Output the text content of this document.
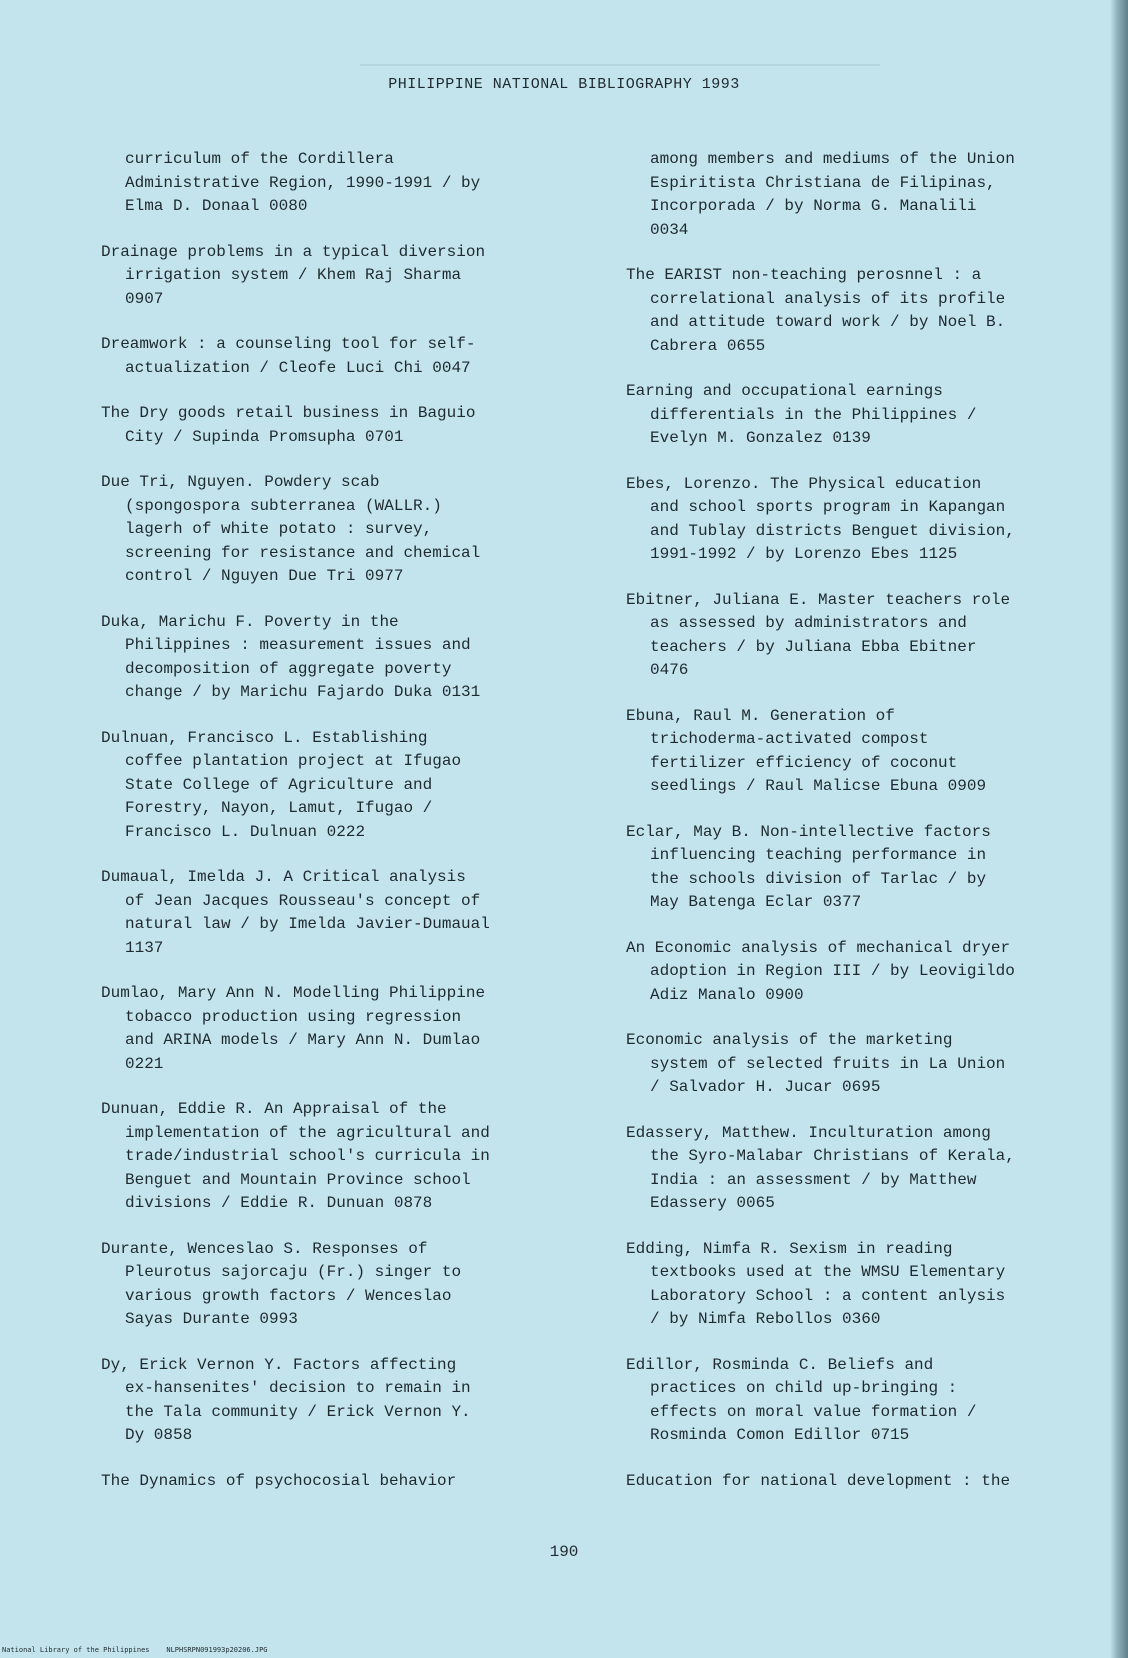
PHILIPPINE NATIONAL BIBLIOGRAPHY 1993

curriculum of the Cordillera
Administrative Region, 1990-1991 / by
Elma D. Donaal 0080

Drainage problems in a typical diversion
irrigation system / Khem Raj Sharma
0907

Dreamwork : a counseling tool for self-
actualization / Cleofe Luci Chi 0047

The Dry goods retail business in Baguio
City / Supinda Promsupha 0701

Due Tri, Nguyen. Powdery scab
(spongospora subterranea (WALLR.)
lagerh of white potato : survey,
screening for resistance and chemical
control / Nguyen Due Tri 0977

Duka, Marichu F. Poverty in the
Philippines : measurement issues and
decomposition of aggregate poverty
change / by Marichu Fajardo Duka 0131

Dulnuan, Francisco L. Establishing
coffee plantation project at Ifugao
State College of Agriculture and
Forestry, Nayon, Lamut, Ifugao /
Francisco L. Dulnuan 0222

Dumaual, Imelda J. A Critical analysis
of Jean Jacques Rousseau's concept of
natural law / by Imelda Javier-Dumaual
1137

Dumlao, Mary Ann N. Modelling Philippine
tobacco production using regression
and ARINA models / Mary Ann N. Dumlao
0221

Dunuan, Eddie R. An Appraisal of the
implementation of the agricultural and
trade/industrial school's curricula in
Benguet and Mountain Province school
divisions / Eddie R. Dunuan 0878

Durante, Wenceslao S. Responses of
Pleurotus sajorcaju (Fr.) singer to
various growth factors / Wenceslao
Sayas Durante 0993

Dy, Erick Vernon Y. Factors affecting
ex-hansenites' decision to remain in
the Tala community / Erick Vernon Y.
Dy 0858

The Dynamics of psychocosial behavior

among members and mediums of the Union
Espiritista Christiana de Filipinas,
Incorporada / by Norma G. Manalili
0034

The EARIST non-teaching perosnnel : a
correlational analysis of its profile
and attitude toward work / by Noel B.
Cabrera 0655

Earning and occupational earnings
differentials in the Philippines /
Evelyn M. Gonzalez 0139

Ebes, Lorenzo. The Physical education
and school sports program in Kapangan
and Tublay districts Benguet division,
1991-1992 / by Lorenzo Ebes 1125

Ebitner, Juliana E. Master teachers role
as assessed by administrators and
teachers / by Juliana Ebba Ebitner
0476

Ebuna, Raul M. Generation of
trichoderma-activated compost
fertilizer efficiency of coconut
seedlings / Raul Malicse Ebuna 0909

Eclar, May B. Non-intellective factors
influencing teaching performance in
the schools division of Tarlac / by
May Batenga Eclar 0377

An Economic analysis of mechanical dryer
adoption in Region III / by Leovigildo
Adiz Manalo 0900

Economic analysis of the marketing
system of selected fruits in La Union
/ Salvador H. Jucar 0695

Edassery, Matthew. Inculturation among
the Syro-Malabar Christians of Kerala,
India : an assessment / by Matthew
Edassery 0065

Edding, Nimfa R. Sexism in reading
textbooks used at the WMSU Elementary
Laboratory School : a content anlysis
/ by Nimfa Rebollos 0360

Edillor, Rosminda C. Beliefs and
practices on child up-bringing :
effects on moral value formation /
Rosminda Comon Edillor 0715

Education for national development : the

190
National Library of the Philippines    NLPHSRPN091993p20206.JPG
